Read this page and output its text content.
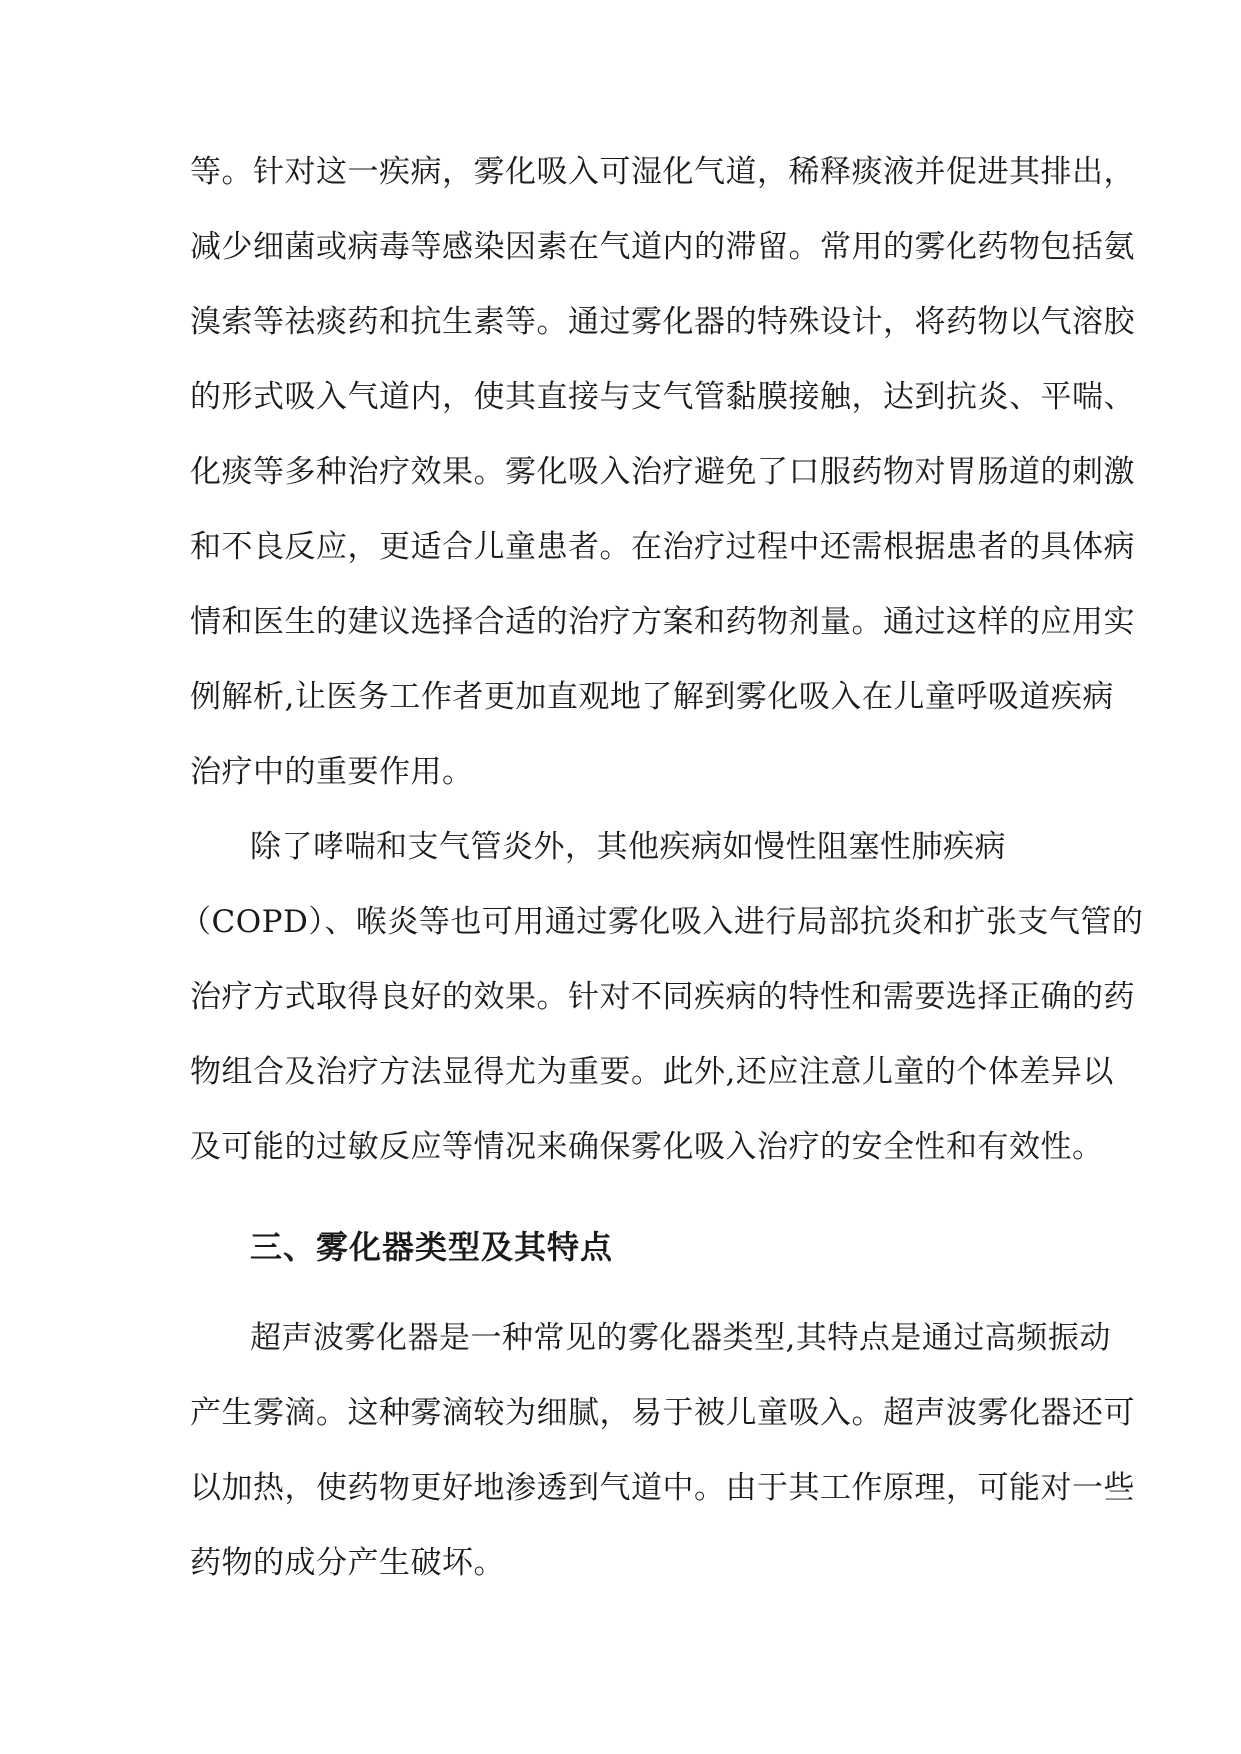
等。针对这一疾病，雾化吸入可湿化气道，稀释痰液并促进其排出，
减少细菌或病毒等感染因素在气道内的滞留。常用的雾化药物包括氨
溴索等祛痰药和抗生素等。通过雾化器的特殊设计，将药物以气溶胶
的形式吸入气道内，使其直接与支气管黏膜接触，达到抗炎、平喘、
化痰等多种治疗效果。雾化吸入治疗避免了口服药物对胃肠道的刺激
和不良反应，更适合儿童患者。在治疗过程中还需根据患者的具体病
情和医生的建议选择合适的治疗方案和药物剂量。通过这样的应用实
例解析,让医务工作者更加直观地了解到雾化吸入在儿童呼吸道疾病
治疗中的重要作用。
除了哮喘和支气管炎外，其他疾病如慢性阻塞性肺疾病
（COPD）、喉炎等也可用通过雾化吸入进行局部抗炎和扩张支气管的
治疗方式取得良好的效果。针对不同疾病的特性和需要选择正确的药
物组合及治疗方法显得尤为重要。此外,还应注意儿童的个体差异以
及可能的过敏反应等情况来确保雾化吸入治疗的安全性和有效性。
三、雾化器类型及其特点
超声波雾化器是一种常见的雾化器类型,其特点是通过高频振动
产生雾滴。这种雾滴较为细腻，易于被儿童吸入。超声波雾化器还可
以加热，使药物更好地渗透到气道中。由于其工作原理，可能对一些
药物的成分产生破坏。
